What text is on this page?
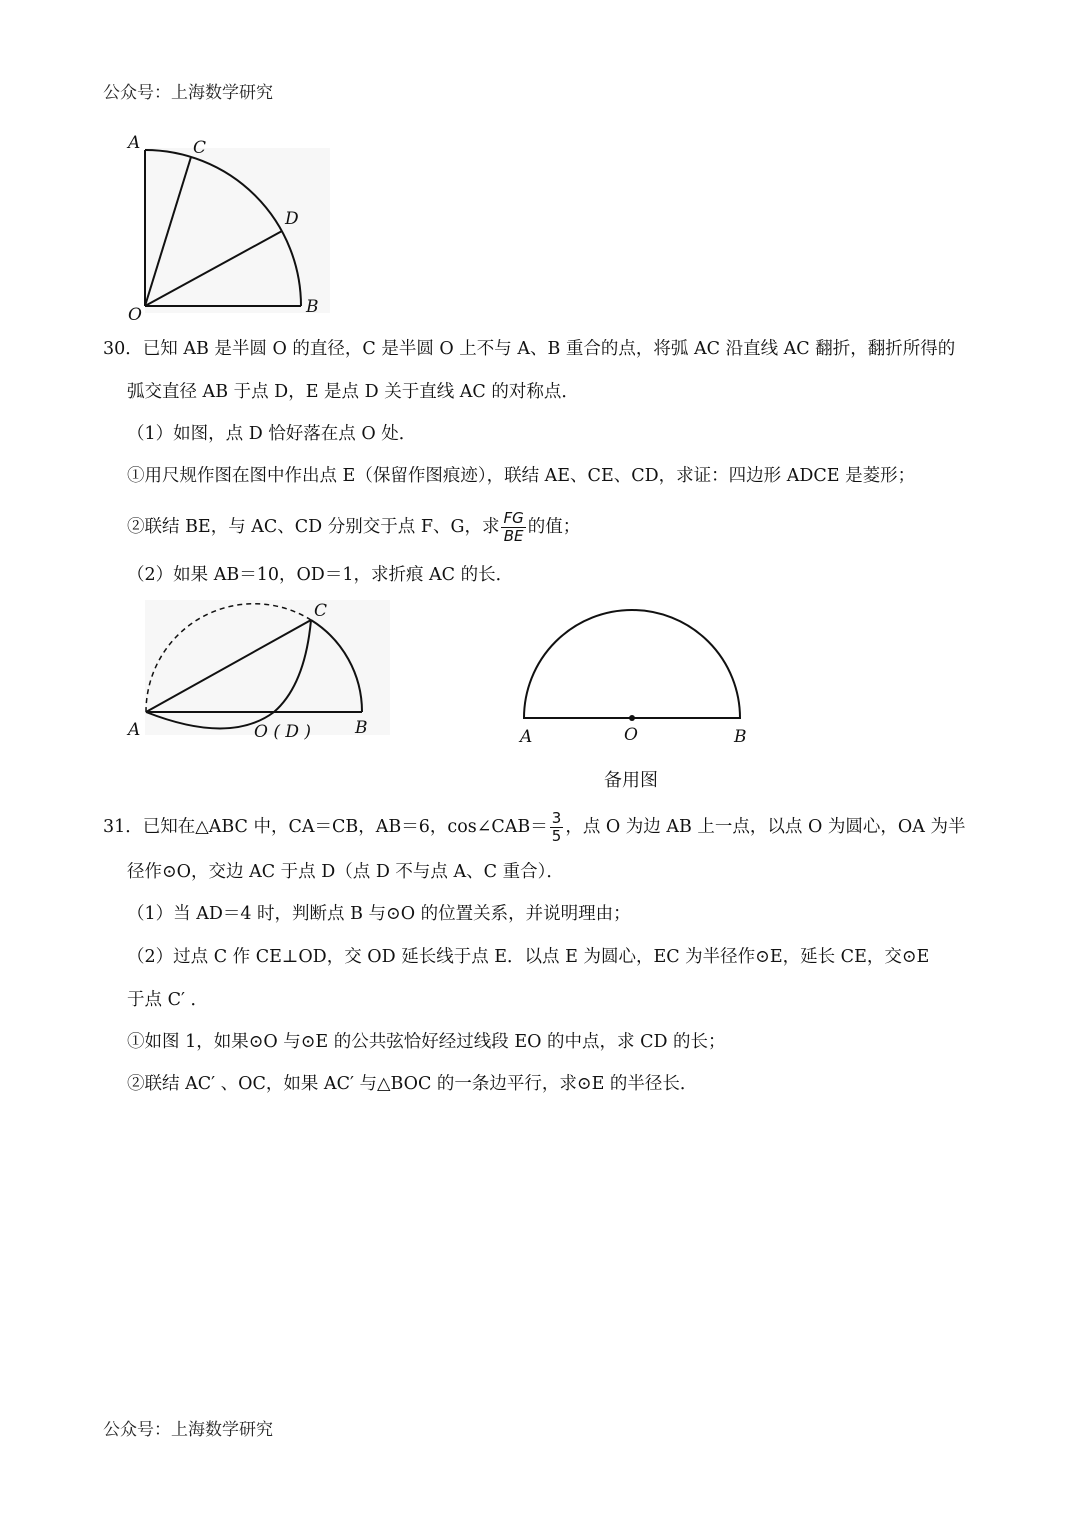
公众号：上海数学研究
A	C
D
B
O
30．已知 AB 是半圆 O 的直径，C 是半圆 O 上不与 A、B 重合的点，将弧 AC 沿直线 AC 翻折，翻折所得的
弧交直径 AB 于点 D，E 是点 D 关于直线 AC 的对称点．
（1）如图，点 D 恰好落在点 O 处．
①用尺规作图在图中作出点 E（保留作图痕迹），联结 AE、CE、CD，求证：四边形 ADCE 是菱形；
②联结 BE，与 AC、CD 分别交于点 F、G，求 $\frac{FG}{BE}$ 的值；
（2）如果 AB＝10，OD＝1，求折痕 AC 的长．
A
C
O ( D )	B	A	O	B
备用图
31．已知在△ABC 中，CA＝CB，AB＝6，cos∠CAB＝ $\frac{3}{5}$ ，点 O 为边 AB 上一点，以点 O 为圆心，OA 为半
径作⊙O，交边 AC 于点 D（点 D 不与点 A、C 重合）．
（1）当 AD＝4 时，判断点 B 与⊙O 的位置关系，并说明理由；
（2）过点 C 作 CE⊥OD，交 OD 延长线于点 E．以点 E 为圆心，EC 为半径作⊙E，延长 CE，交⊙E
于点 C′ ．
①如图 1，如果⊙O 与⊙E 的公共弦恰好经过线段 EO 的中点，求 CD 的长；
②联结 AC′ 、OC，如果 AC′ 与△BOC 的一条边平行，求⊙E 的半径长．
公众号：上海数学研究
